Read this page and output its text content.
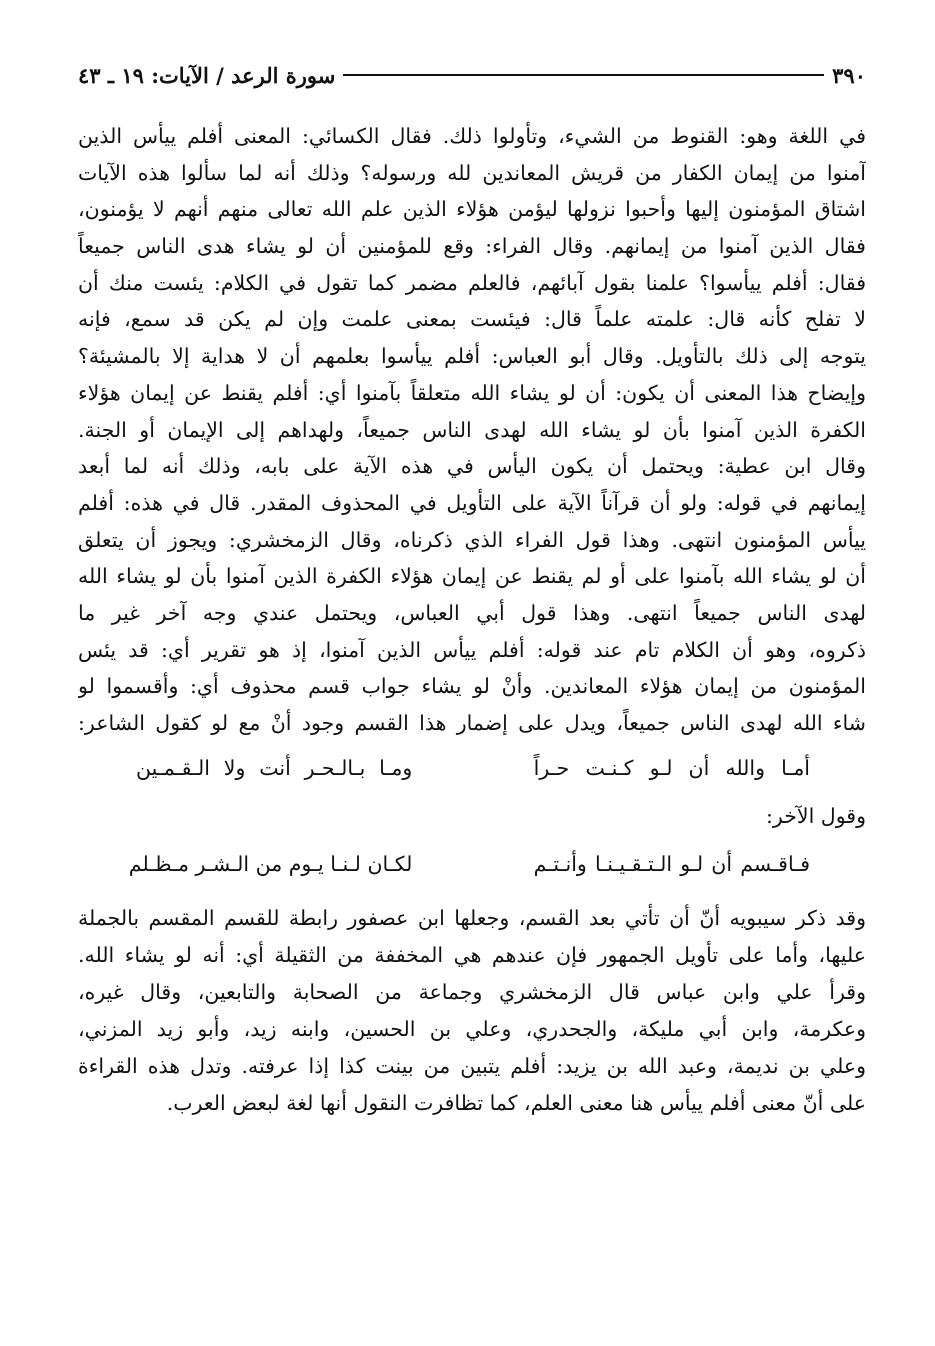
٣٩٠
سورة الرعد / الآيات: ١٩ ـ ٤٣
في اللغة وهو: القنوط من الشيء، وتأولوا ذلك. فقال الكسائي: المعنى أفلم ييأس الذين
آمنوا من إيمان الكفار من قريش المعاندين لله ورسوله؟ وذلك أنه لما سألوا هذه الآيات
اشتاق المؤمنون إليها وأحبوا نزولها ليؤمن هؤلاء الذين علم الله تعالى منهم أنهم لا يؤمنون،
فقال الذين آمنوا من إيمانهم. وقال الفراء: وقع للمؤمنين أن لو يشاء هدى الناس جميعاً
فقال: أفلم ييأسوا؟ علمنا بقول آبائهم، فالعلم مضمر كما تقول في الكلام: يئست منك أن
لا تفلح كأنه قال: علمته علماً قال: فيئست بمعنى علمت وإن لم يكن قد سمع، فإنه
يتوجه إلى ذلك بالتأويل. وقال أبو العباس: أفلم ييأسوا بعلمهم أن لا هداية إلا بالمشيئة؟
وإيضاح هذا المعنى أن يكون: أن لو يشاء الله متعلقاً بآمنوا أي: أفلم يقنط عن إيمان هؤلاء
الكفرة الذين آمنوا بأن لو يشاء الله لهدى الناس جميعاً، ولهداهم إلى الإيمان أو الجنة.
وقال ابن عطية: ويحتمل أن يكون اليأس في هذه الآية على بابه، وذلك أنه لما أبعد
إيمانهم في قوله: ولو أن قرآناً الآية على التأويل في المحذوف المقدر. قال في هذه: أفلم
ييأس المؤمنون انتهى. وهذا قول الفراء الذي ذكرناه، وقال الزمخشري: ويجوز أن يتعلق
أن لو يشاء الله بآمنوا على أو لم يقنط عن إيمان هؤلاء الكفرة الذين آمنوا بأن لو يشاء الله
لهدى الناس جميعاً انتهى. وهذا قول أبي العباس، ويحتمل عندي وجه آخر غير ما
ذكروه، وهو أن الكلام تام عند قوله: أفلم ييأس الذين آمنوا، إذ هو تقرير أي: قد يئس
المؤمنون من إيمان هؤلاء المعاندين. وأنْ لو يشاء جواب قسم محذوف أي: وأقسموا لو
شاء الله لهدى الناس جميعاً، ويدل على إضمار هذا القسم وجود أنْ مع لو كقول الشاعر:
أمـا والله أن لـو كـنـت حـراً
ومـا بـالـحـر أنت ولا الـقـمـين
وقول الآخر:
فـاقـسم أن لـو الـتـقـيـنـا وأنـتـم
لكـان لـنـا يـوم من الـشـر مـظـلم
وقد ذكر سيبويه أنّ أن تأتي بعد القسم، وجعلها ابن عصفور رابطة للقسم المقسم بالجملة
عليها، وأما على تأويل الجمهور فإن عندهم هي المخففة من الثقيلة أي: أنه لو يشاء الله.
وقرأ علي وابن عباس قال الزمخشري وجماعة من الصحابة والتابعين، وقال غيره،
وعكرمة، وابن أبي مليكة، والجحدري، وعلي بن الحسين، وابنه زيد، وأبو زيد المزني،
وعلي بن نديمة، وعبد الله بن يزيد: أفلم يتبين من بينت كذا إذا عرفته. وتدل هذه القراءة
على أنّ معنى أفلم ييأس هنا معنى العلم، كما تظافرت النقول أنها لغة لبعض العرب.
